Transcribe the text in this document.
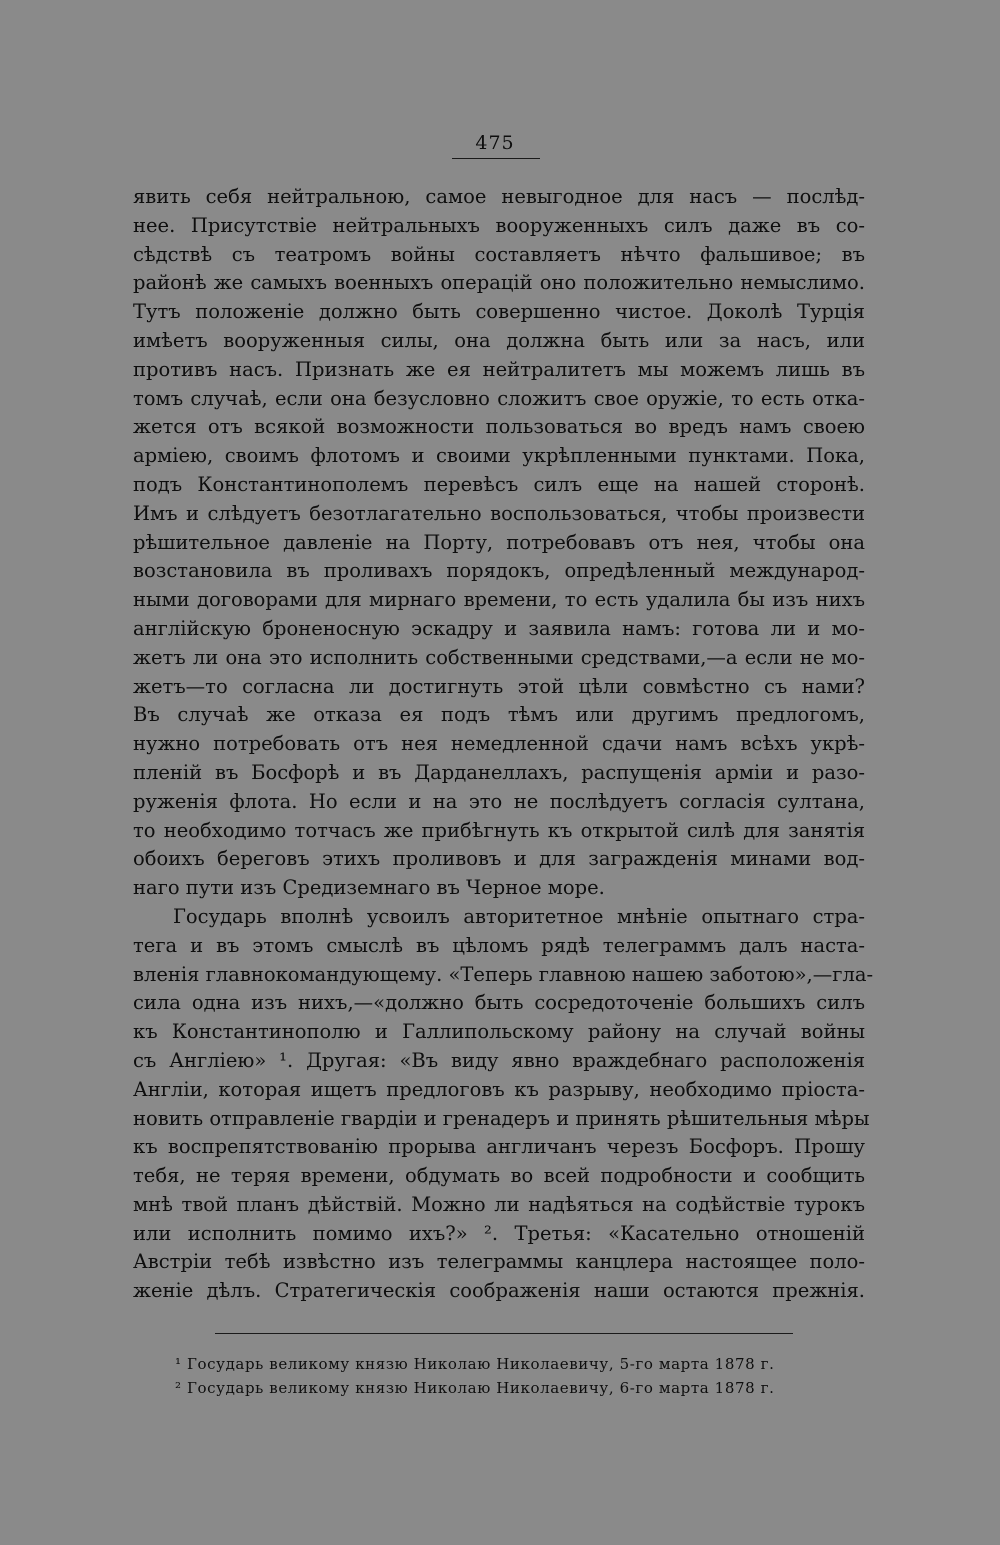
475
явить себя нейтральною, самое невыгодное для насъ — послѣд-
нее. Присутствіе нейтральныхъ вооруженныхъ силъ даже въ со-
сѣдствѣ съ театромъ войны составляетъ нѣчто фальшивое; въ
районѣ же самыхъ военныхъ операцій оно положительно немыслимо.
Тутъ положеніе должно быть совершенно чистое. Доколѣ Турція
имѣетъ вооруженныя силы, она должна быть или за насъ, или
противъ насъ. Признать же ея нейтралитетъ мы можемъ лишь въ
томъ случаѣ, если она безусловно сложитъ свое оружіе, то есть отка-
жется отъ всякой возможности пользоваться во вредъ намъ своею
арміею, своимъ флотомъ и своими укрѣпленными пунктами. Пока,
подъ Константинополемъ перевѣсъ силъ еще на нашей сторонѣ.
Имъ и слѣдуетъ безотлагательно воспользоваться, чтобы произвести
рѣшительное давленіе на Порту, потребовавъ отъ нея, чтобы она
возстановила въ проливахъ порядокъ, опредѣленный международ-
ными договорами для мирнаго времени, то есть удалила бы изъ нихъ
англійскую броненосную эскадру и заявила намъ: готова ли и мо-
жетъ ли она это исполнить собственными средствами,—а если не мо-
жетъ—то согласна ли достигнуть этой цѣли совмѣстно съ нами?
Въ случаѣ же отказа ея подъ тѣмъ или другимъ предлогомъ,
нужно потребовать отъ нея немедленной сдачи намъ всѣхъ укрѣ-
пленій въ Босфорѣ и въ Дарданеллахъ, распущенія арміи и разо-
руженія флота. Но если и на это не послѣдуетъ согласія султана,
то необходимо тотчасъ же прибѣгнуть къ открытой силѣ для занятія
обоихъ береговъ этихъ проливовъ и для загражденія минами вод-
наго пути изъ Средиземнаго въ Черное море.
Государь вполнѣ усвоилъ авторитетное мнѣніе опытнаго стра-
тега и въ этомъ смыслѣ въ цѣломъ рядѣ телеграммъ далъ наста-
вленія главнокомандующему. «Теперь главною нашею заботою»,—гла-
сила одна изъ нихъ,—«должно быть сосредоточеніе большихъ силъ
къ Константинополю и Галлипольскому району на случай войны
съ Англіею» ¹. Другая: «Въ виду явно враждебнаго расположенія
Англіи, которая ищетъ предлоговъ къ разрыву, необходимо пріоста-
новить отправленіе гвардіи и гренадеръ и принять рѣшительныя мѣры
къ воспрепятствованію прорыва англичанъ черезъ Босфоръ. Прошу
тебя, не теряя времени, обдумать во всей подробности и сообщить
мнѣ твой планъ дѣйствій. Можно ли надѣяться на содѣйствіе турокъ
или исполнить помимо ихъ?» ². Третья: «Касательно отношеній
Австріи тебѣ извѣстно изъ телеграммы канцлера настоящее поло-
женіе дѣлъ. Стратегическія соображенія наши остаются прежнія.
¹ Государь великому князю Николаю Николаевичу, 5-го марта 1878 г.
² Государь великому князю Николаю Николаевичу, 6-го марта 1878 г.
